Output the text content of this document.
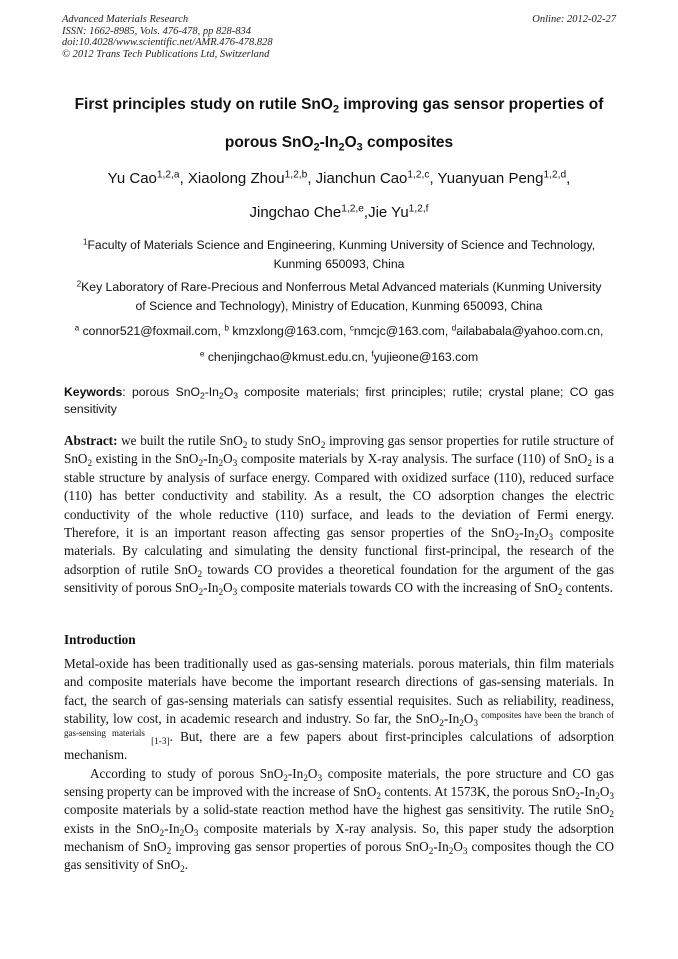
Advanced Materials Research
ISSN: 1662-8985, Vols. 476-478, pp 828-834
doi:10.4028/www.scientific.net/AMR.476-478.828
© 2012 Trans Tech Publications Ltd, Switzerland
Online: 2012-02-27
First principles study on rutile SnO$_2$ improving gas sensor properties of
porous $SnO_2-In_2O_3$ composites
Yu Cao$^{1,2,a}$, Xiaolong Zhou$^{1,2,b}$, Jianchun Cao$^{1,2,c}$, Yuanyuan Peng$^{1,2,d}$,
Jingchao Che$^{1,2,e}$,Jie Yu$^{1,2,f}$
$^1$Faculty of Materials Science and Engineering, Kunming University of Science and Technology,
Kunming 650093, China
$^2$Key Laboratory of Rare-Precious and Nonferrous Metal Advanced materials (Kunming University
of Science and Technology), Ministry of Education, Kunming 650093, China
$^a$ connor521@foxmail.com, $^b$ kmzxlong@163.com, $^c$nmcjc@163.com, $^d$ailababala@yahoo.com.cn,
$^e$ chenjingchao@kmust.edu.cn, $^f$yujieone@163.com
Keywords: porous $SnO_2-In_2O_3$ composite materials; first principles; rutile; crystal plane; CO gas sensitivity
Abstract: we built the rutile SnO$_2$ to study SnO$_2$ improving gas sensor properties for rutile structure of SnO$_2$ existing in the $SnO_2-In_2O_3$ composite materials by X-ray analysis. The surface (110) of SnO$_2$ is a stable structure by analysis of surface energy. Compared with oxidized surface (110), reduced surface (110) has better conductivity and stability. As a result, the CO adsorption changes the electric conductivity of the whole reductive (110) surface, and leads to the deviation of Fermi energy. Therefore, it is an important reason affecting gas sensor properties of the $SnO_2-In_2O_3$ composite materials. By calculating and simulating the density functional first-principal, the research of the adsorption of rutile SnO$_2$ towards CO provides a theoretical foundation for the argument of the gas sensitivity of porous $SnO_2-In_2O_3$ composite materials towards CO with the increasing of SnO$_2$ contents.
Introduction

Metal-oxide has been traditionally used as gas-sensing materials. porous materials, thin film materials and composite materials have become the important research directions of gas-sensing materials. In fact, the search of gas-sensing materials can satisfy essential requisites. Such as reliability, readiness, stability, low cost, in academic research and industry. So far, the $SnO_2-In_2O_3$ $^{composites have been the branch of gas-sensing materials}$ $_{[1-3]}$. But, there are a few papers about first-principles calculations of adsorption mechanism.

According to study of porous $SnO_2-In_2O_3$ composite materials, the pore structure and CO gas sensing property can be improved with the increase of SnO$_2$ contents. At 1573K, the porous $SnO_2-In_2O_3$ composite materials by a solid-state reaction method have the highest gas sensitivity. The rutile SnO$_2$ exists in the $SnO_2-In_2O_3$ composite materials by X-ray analysis. So, this paper study the adsorption mechanism of SnO$_2$ improving gas sensor properties of porous $SnO_2-In_2O_3$ composites though the CO gas sensitivity of SnO$_2$.
